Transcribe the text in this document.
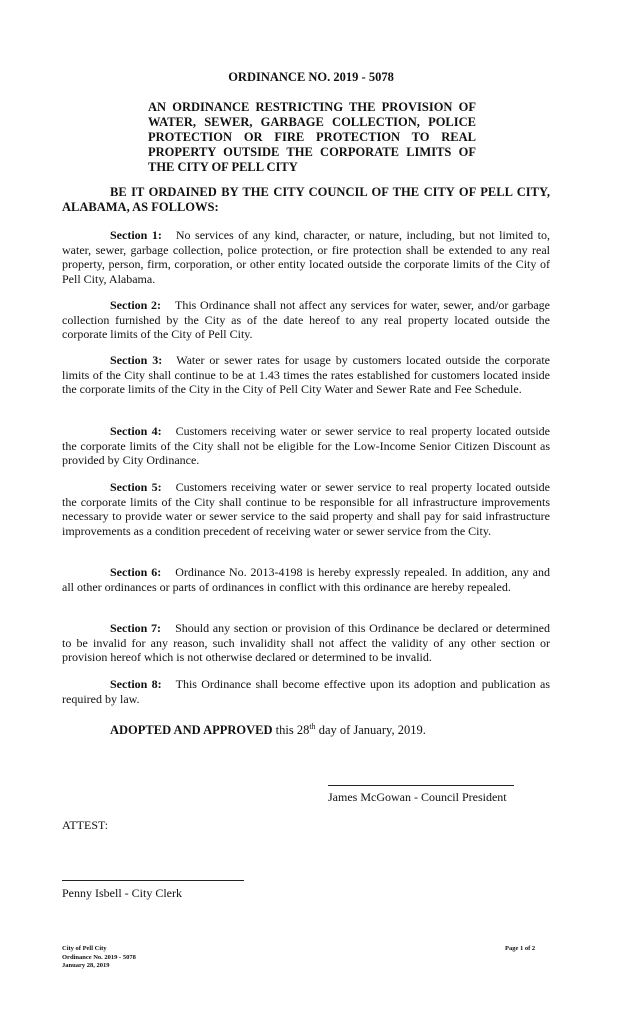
ORDINANCE NO. 2019 - 5078
AN ORDINANCE RESTRICTING THE PROVISION OF WATER, SEWER, GARBAGE COLLECTION, POLICE PROTECTION OR FIRE PROTECTION TO REAL PROPERTY OUTSIDE THE CORPORATE LIMITS OF THE CITY OF PELL CITY
BE IT ORDAINED BY THE CITY COUNCIL OF THE CITY OF PELL CITY, ALABAMA, AS FOLLOWS:
Section 1: No services of any kind, character, or nature, including, but not limited to, water, sewer, garbage collection, police protection, or fire protection shall be extended to any real property, person, firm, corporation, or other entity located outside the corporate limits of the City of Pell City, Alabama.
Section 2: This Ordinance shall not affect any services for water, sewer, and/or garbage collection furnished by the City as of the date hereof to any real property located outside the corporate limits of the City of Pell City.
Section 3: Water or sewer rates for usage by customers located outside the corporate limits of the City shall continue to be at 1.43 times the rates established for customers located inside the corporate limits of the City in the City of Pell City Water and Sewer Rate and Fee Schedule.
Section 4: Customers receiving water or sewer service to real property located outside the corporate limits of the City shall not be eligible for the Low-Income Senior Citizen Discount as provided by City Ordinance.
Section 5: Customers receiving water or sewer service to real property located outside the corporate limits of the City shall continue to be responsible for all infrastructure improvements necessary to provide water or sewer service to the said property and shall pay for said infrastructure improvements as a condition precedent of receiving water or sewer service from the City.
Section 6: Ordinance No. 2013-4198 is hereby expressly repealed. In addition, any and all other ordinances or parts of ordinances in conflict with this ordinance are hereby repealed.
Section 7: Should any section or provision of this Ordinance be declared or determined to be invalid for any reason, such invalidity shall not affect the validity of any other section or provision hereof which is not otherwise declared or determined to be invalid.
Section 8: This Ordinance shall become effective upon its adoption and publication as required by law.
ADOPTED AND APPROVED this 28th day of January, 2019.
James McGowan - Council President
ATTEST:
Penny Isbell - City Clerk
City of Pell City
Ordinance No. 2019 - 5078
January 28, 2019
Page 1 of 2
